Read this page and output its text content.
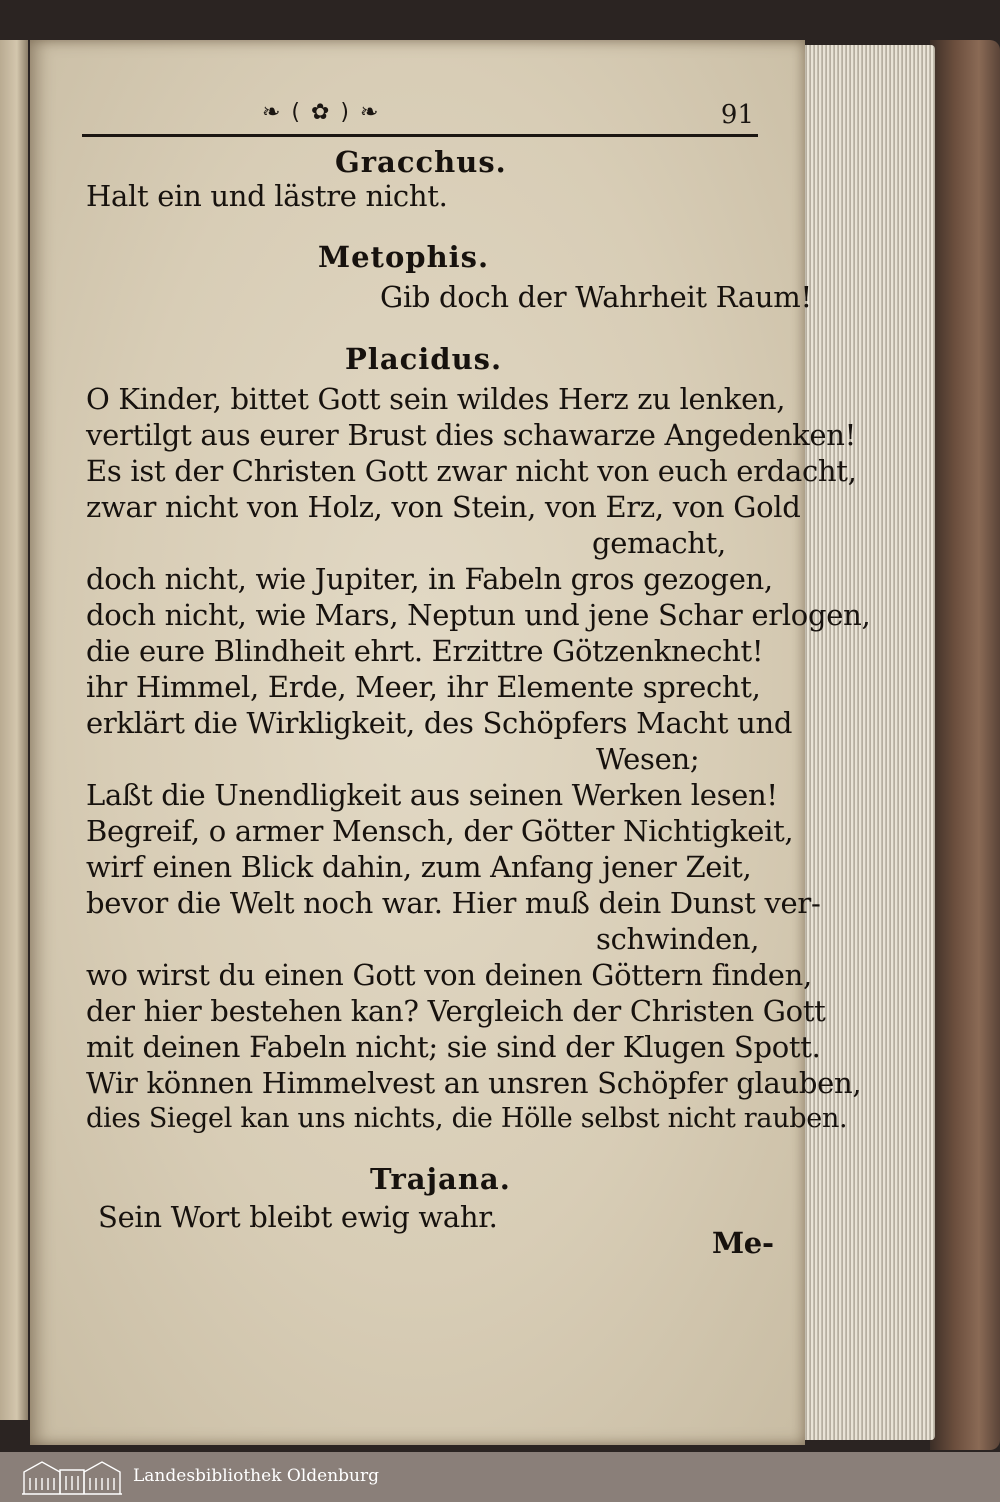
❧ ( ✿ ) ❧	91
Gracchus.
Halt ein und lästre nicht.
Metophis.
Gib doch der Wahrheit Raum!
Placidus.
O Kinder, bittet Gott sein wildes Herz zu lenken,
vertilgt aus eurer Brust dies schawarze Angedenken!
Es ist der Christen Gott zwar nicht von euch erdacht,
zwar nicht von Holz, von Stein, von Erz, von Gold
gemacht,
doch nicht, wie Jupiter, in Fabeln gros gezogen,
doch nicht, wie Mars, Neptun und jene Schar erlogen,
die eure Blindheit ehrt. Erzittre Götzenknecht!
ihr Himmel, Erde, Meer, ihr Elemente sprecht,
erklärt die Wirkligkeit, des Schöpfers Macht und
Wesen;
Laßt die Unendligkeit aus seinen Werken lesen!
Begreif, o armer Mensch, der Götter Nichtigkeit,
wirf einen Blick dahin, zum Anfang jener Zeit,
bevor die Welt noch war. Hier muß dein Dunst ver-
schwinden,
wo wirst du einen Gott von deinen Göttern finden,
der hier bestehen kan? Vergleich der Christen Gott
mit deinen Fabeln nicht; sie sind der Klugen Spott.
Wir können Himmelvest an unsren Schöpfer glauben,
dies Siegel kan uns nichts, die Hölle selbst nicht rauben.
Trajana.
Sein Wort bleibt ewig wahr.
Me-
Landesbibliothek Oldenburg
